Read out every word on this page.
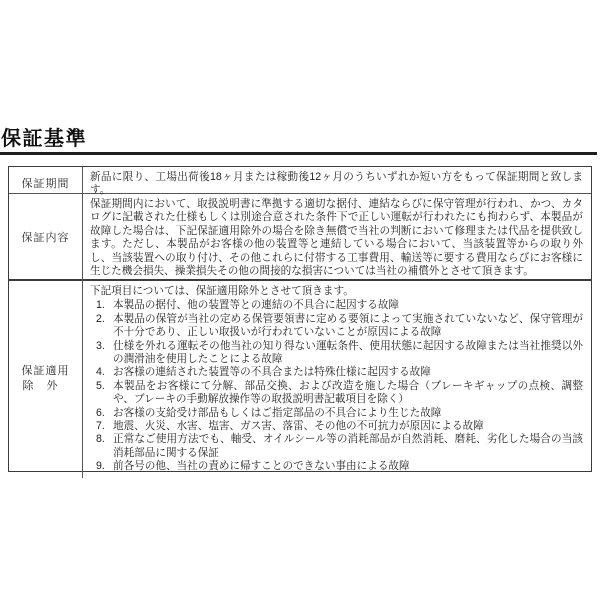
保証基準
保証期間
新品に限り、工場出荷後18ヶ月または稼動後12ヶ月のうちいずれか短い方をもって保証期間と致します。
保証内容
保証期間内において、取扱説明書に準拠する適切な据付、連結ならびに保守管理が行われ、かつ、カタログに記載された仕様もしくは別途合意された条件下で正しい運転が行われたにも拘わらず、本製品が故障した場合は、下記保証適用除外の場合を除き無償で当社の判断において修理または代品を提供致します。ただし、本製品がお客様の他の装置等と連結している場合において、当該装置等からの取り外し、当該装置への取り付け、その他これらに付帯する工事費用、輸送等に要する費用ならびにお客様に生じた機会損失、操業損失その他の間接的な損害については当社の補償外とさせて頂きます。
保証適用
除　外
下記項目については、保証適用除外とさせて頂きます。
1. 本製品の据付、他の装置等との連結の不具合に起因する故障
2. 本製品の保管が当社の定める保管要領書に定める要領によって実施されていないなど、保守管理が不十分であり、正しい取扱いが行われていないことが原因による故障
3. 仕様を外れる運転その他当社の知り得ない運転条件、使用状態に起因する故障または当社推奨以外の潤滑油を使用したことによる故障
4. お客様の連結された装置等の不具合または特殊仕様に起因する故障
5. 本製品をお客様にて分解、部品交換、および改造を施した場合（ブレーキギャップの点検、調整や、ブレーキの手動解放操作等の取扱説明書記載項目を除く）
6. お客様の支給受け部品もしくはご指定部品の不具合により生じた故障
7. 地震、火災、水害、塩害、ガス害、落雷、その他の不可抗力が原因による故障
8. 正常なご使用方法でも、軸受、オイルシール等の消耗部品が自然消耗、磨耗、劣化した場合の当該消耗部品に関する保証
9. 前各号の他、当社の責めに帰すことのできない事由による故障
